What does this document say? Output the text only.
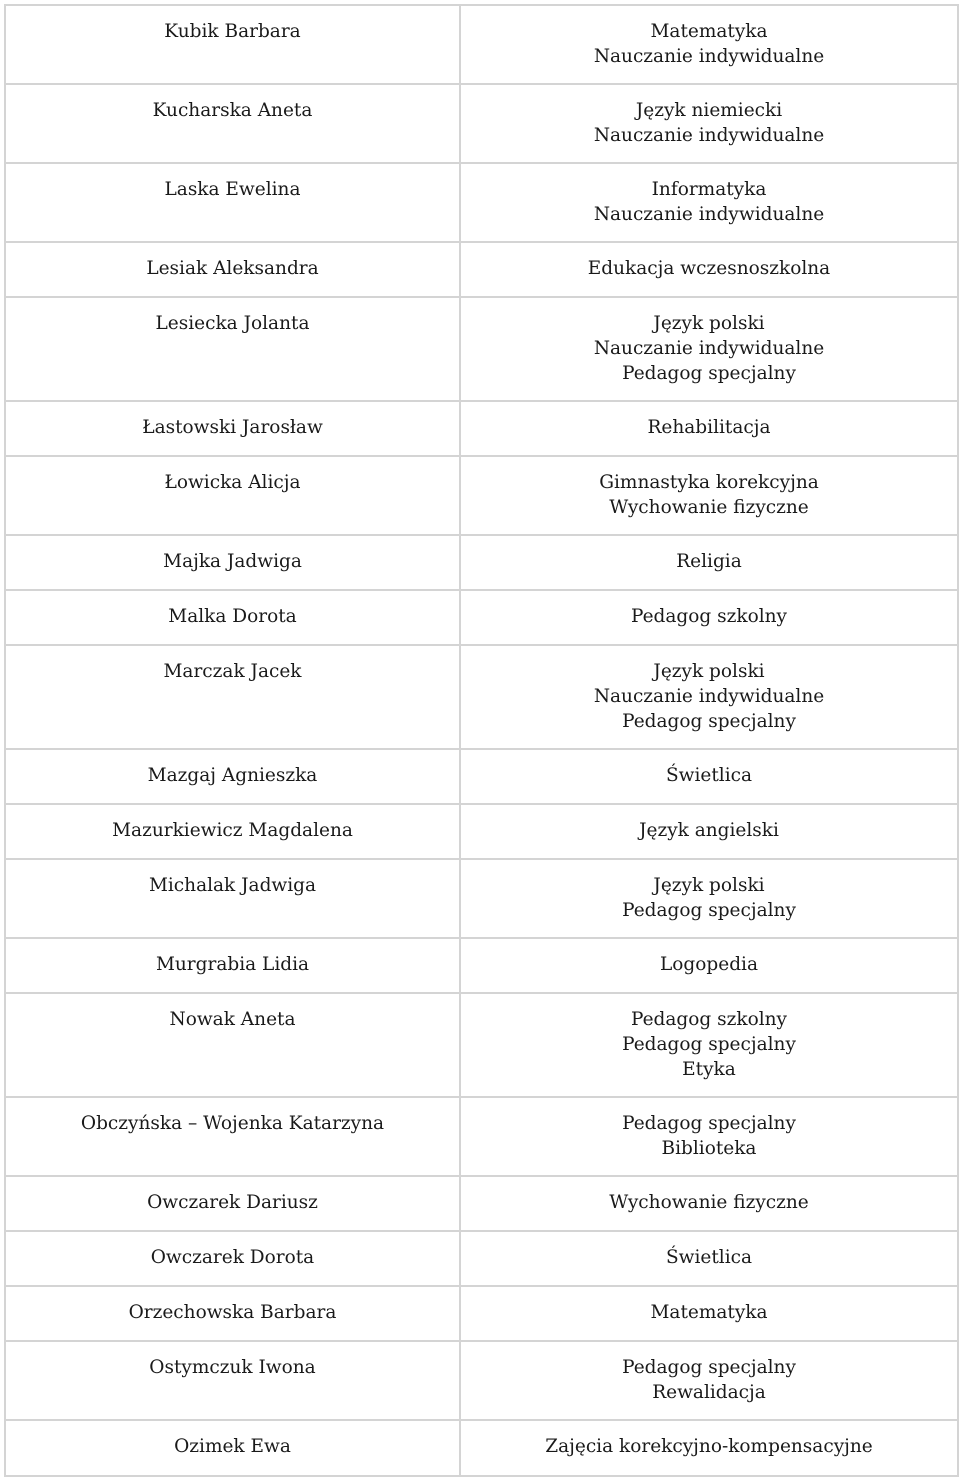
Kubik Barbara	Matematyka
Nauczanie indywidualne

Kucharska Aneta	Język niemiecki
Nauczanie indywidualne

Laska Ewelina	Informatyka
Nauczanie indywidualne

Lesiak Aleksandra	Edukacja wczesnoszkolna

Lesiecka Jolanta	Język polski
Nauczanie indywidualne
Pedagog specjalny

Łastowski Jarosław	Rehabilitacja

Łowicka Alicja	Gimnastyka korekcyjna
Wychowanie fizyczne

Majka Jadwiga	Religia

Malka Dorota	Pedagog szkolny

Marczak Jacek	Język polski
Nauczanie indywidualne
Pedagog specjalny

Mazgaj Agnieszka	Świetlica

Mazurkiewicz Magdalena	Język angielski

Michalak Jadwiga	Język polski
Pedagog specjalny

Murgrabia Lidia	Logopedia

Nowak Aneta	Pedagog szkolny
Pedagog specjalny
Etyka

Obczyńska – Wojenka Katarzyna	Pedagog specjalny
Biblioteka

Owczarek Dariusz	Wychowanie fizyczne

Owczarek Dorota	Świetlica

Orzechowska Barbara	Matematyka

Ostymczuk Iwona	Pedagog specjalny
Rewalidacja

Ozimek Ewa	Zajęcia korekcyjno-kompensacyjne
